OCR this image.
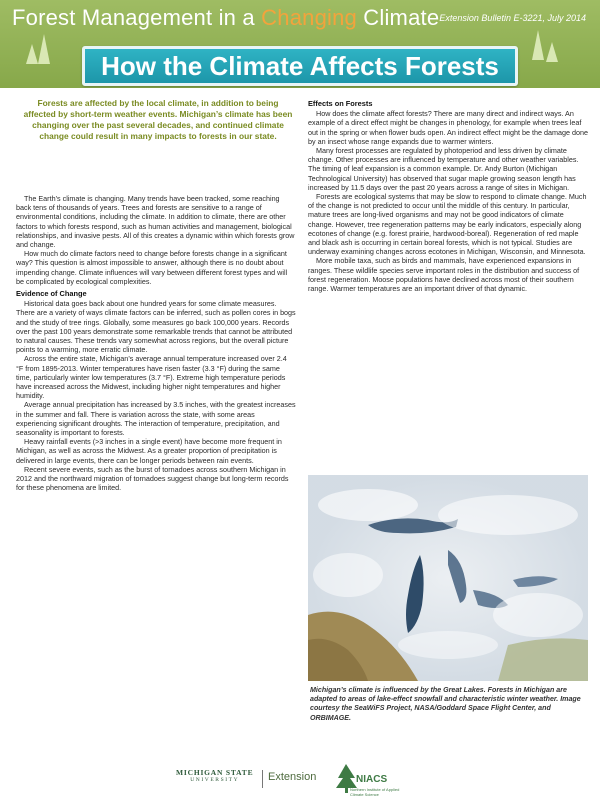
Forest Management in a Changing Climate Extension Bulletin E-3221, July 2014
How the Climate Affects Forests
Forests are affected by the local climate, in addition to being affected by short-term weather events. Michigan’s climate has been changing over the past several decades, and continued climate change could result in many impacts to forests in our state.

The Earth’s climate is changing. Many trends have been tracked, some reaching back tens of thousands of years. Trees and forests are sensitive to a range of environmental conditions, including the climate. In addition to climate, there are other factors to which forests respond, such as human activities and management, biological relationships, and invasive pests. All of this creates a dynamic within which forests grow and change.

How much do climate factors need to change before forests change in a significant way? This question is almost impossible to answer, although there is no doubt about impending change. Climate influences will vary between different forest types and will be complicated by ecological complexities.

Evidence of Change

Historical data goes back about one hundred years for some climate measures. There are a variety of ways climate factors can be inferred, such as pollen cores in bogs and the study of tree rings. Globally, some measures go back 100,000 years. Records over the past 100 years demonstrate some remarkable trends that cannot be attributed to natural causes. These trends vary somewhat across regions, but the overall picture points to a warming, more erratic climate.

Across the entire state, Michigan’s average annual temperature increased over 2.4 °F from 1895-2013. Winter temperatures have risen faster (3.3 °F) during the same time, particularly winter low temperatures (3.7 °F). Extreme high temperature periods have increased across the Midwest, including higher night temperatures and higher humidity.

Average annual precipitation has increased by 3.5 inches, with the greatest increases in the summer and fall. There is variation across the state, with some areas experiencing significant droughts. The interaction of temperature, precipitation, and seasonality is important to forests.

Heavy rainfall events (>3 inches in a single event) have become more frequent in Michigan, as well as across the Midwest. As a greater proportion of precipitation is delivered in large events, there can be longer periods between rain events.

Recent severe events, such as the burst of tornadoes across southern Michigan in 2012 and the northward migration of tornadoes suggest change but long-term records for these phenomena are limited.

Effects on Forests

How does the climate affect forests? There are many direct and indirect ways. An example of a direct effect might be changes in phenology, for example when trees leaf out in the spring or when flower buds open. An indirect effect might be the damage done by an insect whose range expands due to warmer winters.

Many forest processes are regulated by photoperiod and less driven by climate change. Other processes are influenced by temperature and other weather variables. The timing of leaf expansion is a common example. Dr. Andy Burton (Michigan Technological University) has observed that sugar maple growing season length has increased by 11.5 days over the past 20 years across a range of sites in Michigan.

Forests are ecological systems that may be slow to respond to climate change. Much of the change is not predicted to occur until the middle of this century. In particular, mature trees are long-lived organisms and may not be good indicators of climate change. However, tree regeneration patterns may be early indicators, especially along ecotones of change (e.g. forest prairie, hardwood-boreal). Regeneration of red maple and black ash is occurring in certain boreal forests, which is not typical. Studies are underway examining changes across ecotones in Michigan, Wisconsin, and Minnesota.

More mobile taxa, such as birds and mammals, have experienced expansions in ranges. These wildlife species serve important roles in the distribution and success of forest regeneration. Moose populations have declined across most of their southern range. Warmer temperatures are an important driver of that dynamic.

Michigan’s climate is influenced by the Great Lakes. Forests in Michigan are adapted to areas of lake-effect snowfall and characteristic winter weather. Image courtesy the SeaWiFS Project, NASA/Goddard Space Flight Center, and ORBIMAGE.
MICHIGAN STATE
UNIVERSITY	Extension	NIACS
Northern Institute of Applied Climate Science
